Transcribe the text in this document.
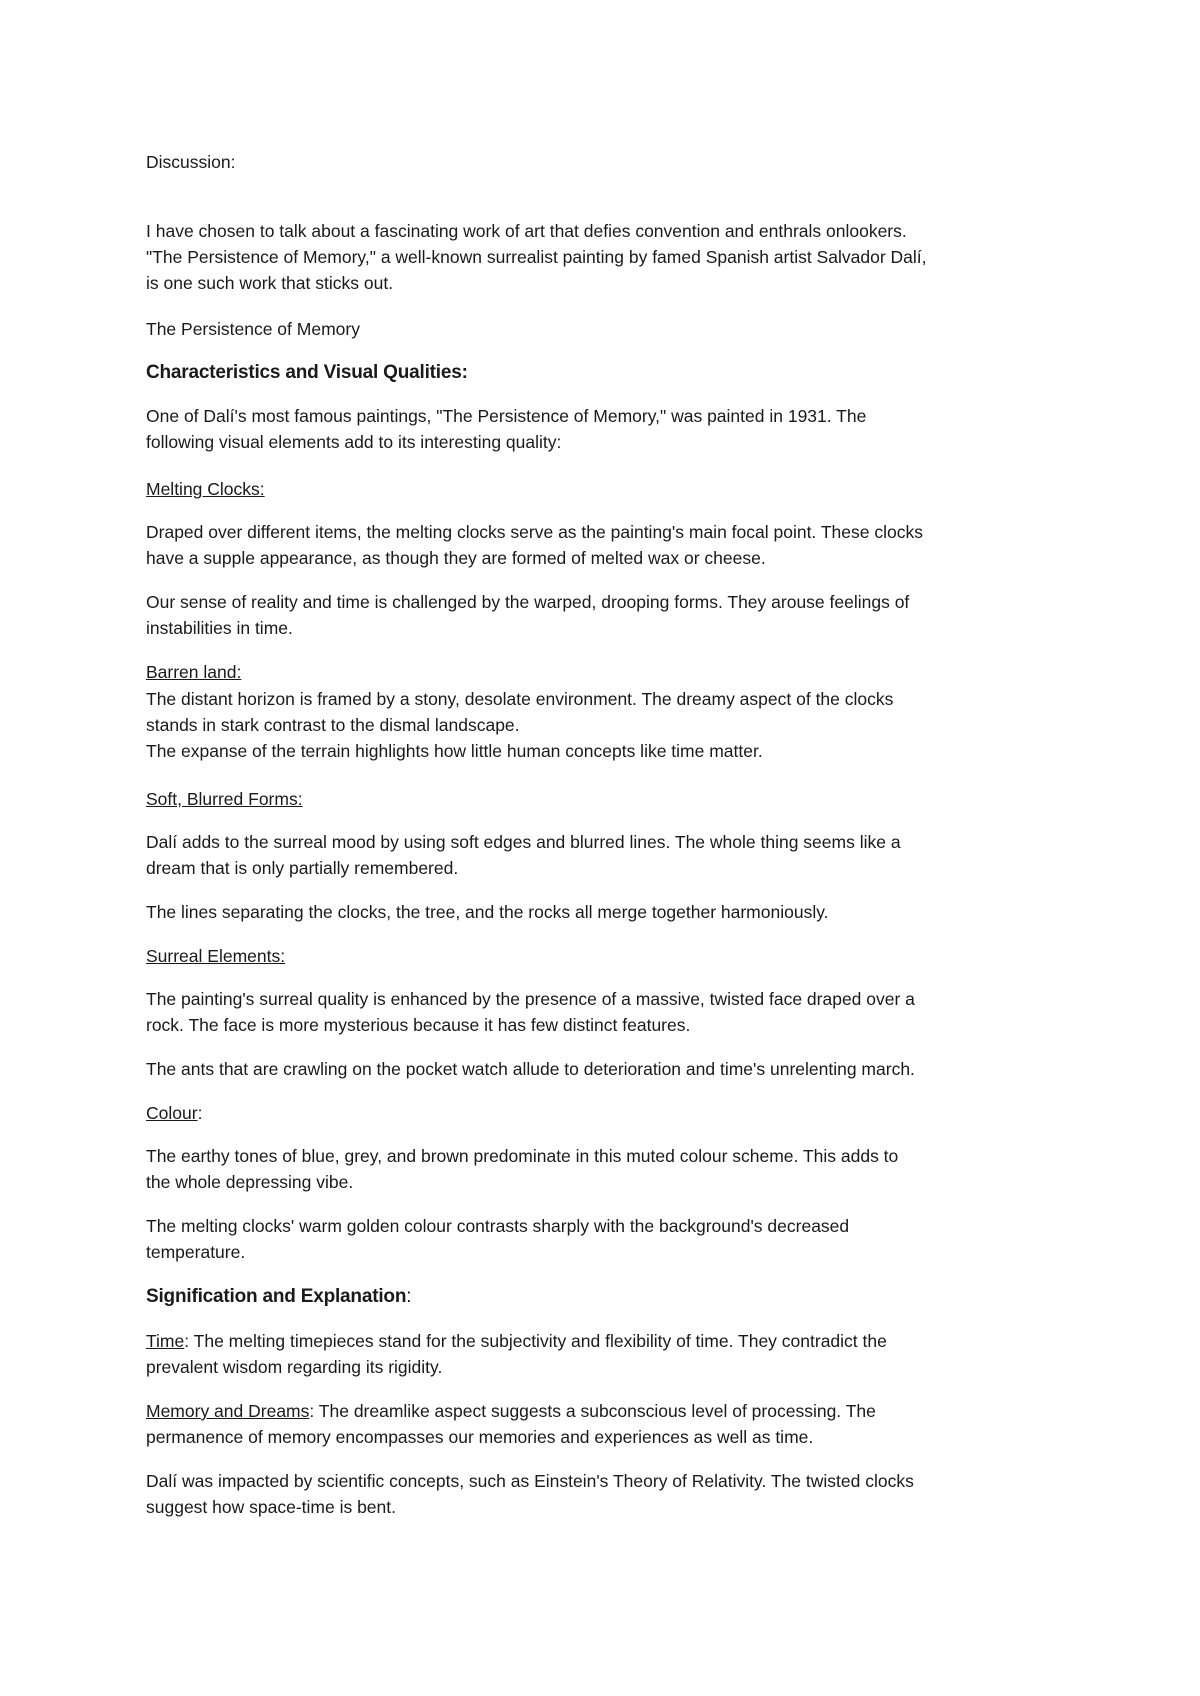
Discussion:

I have chosen to talk about a fascinating work of art that defies convention and enthrals onlookers.
"The Persistence of Memory," a well-known surrealist painting by famed Spanish artist Salvador Dalí,
is one such work that sticks out.

The Persistence of Memory

Characteristics and Visual Qualities:

One of Dalí's most famous paintings, "The Persistence of Memory," was painted in 1931. The
following visual elements add to its interesting quality:

Melting Clocks:

Draped over different items, the melting clocks serve as the painting's main focal point. These clocks
have a supple appearance, as though they are formed of melted wax or cheese.

Our sense of reality and time is challenged by the warped, drooping forms. They arouse feelings of
instabilities in time.

Barren land:

The distant horizon is framed by a stony, desolate environment. The dreamy aspect of the clocks
stands in stark contrast to the dismal landscape.
The expanse of the terrain highlights how little human concepts like time matter.

Soft, Blurred Forms:

Dalí adds to the surreal mood by using soft edges and blurred lines. The whole thing seems like a
dream that is only partially remembered.

The lines separating the clocks, the tree, and the rocks all merge together harmoniously.

Surreal Elements:

The painting's surreal quality is enhanced by the presence of a massive, twisted face draped over a
rock. The face is more mysterious because it has few distinct features.

The ants that are crawling on the pocket watch allude to deterioration and time's unrelenting march.

Colour:

The earthy tones of blue, grey, and brown predominate in this muted colour scheme. This adds to
the whole depressing vibe.

The melting clocks' warm golden colour contrasts sharply with the background's decreased
temperature.

Signification and Explanation:

Time: The melting timepieces stand for the subjectivity and flexibility of time. They contradict the
prevalent wisdom regarding its rigidity.

Memory and Dreams: The dreamlike aspect suggests a subconscious level of processing. The
permanence of memory encompasses our memories and experiences as well as time.

Dalí was impacted by scientific concepts, such as Einstein's Theory of Relativity. The twisted clocks
suggest how space-time is bent.
